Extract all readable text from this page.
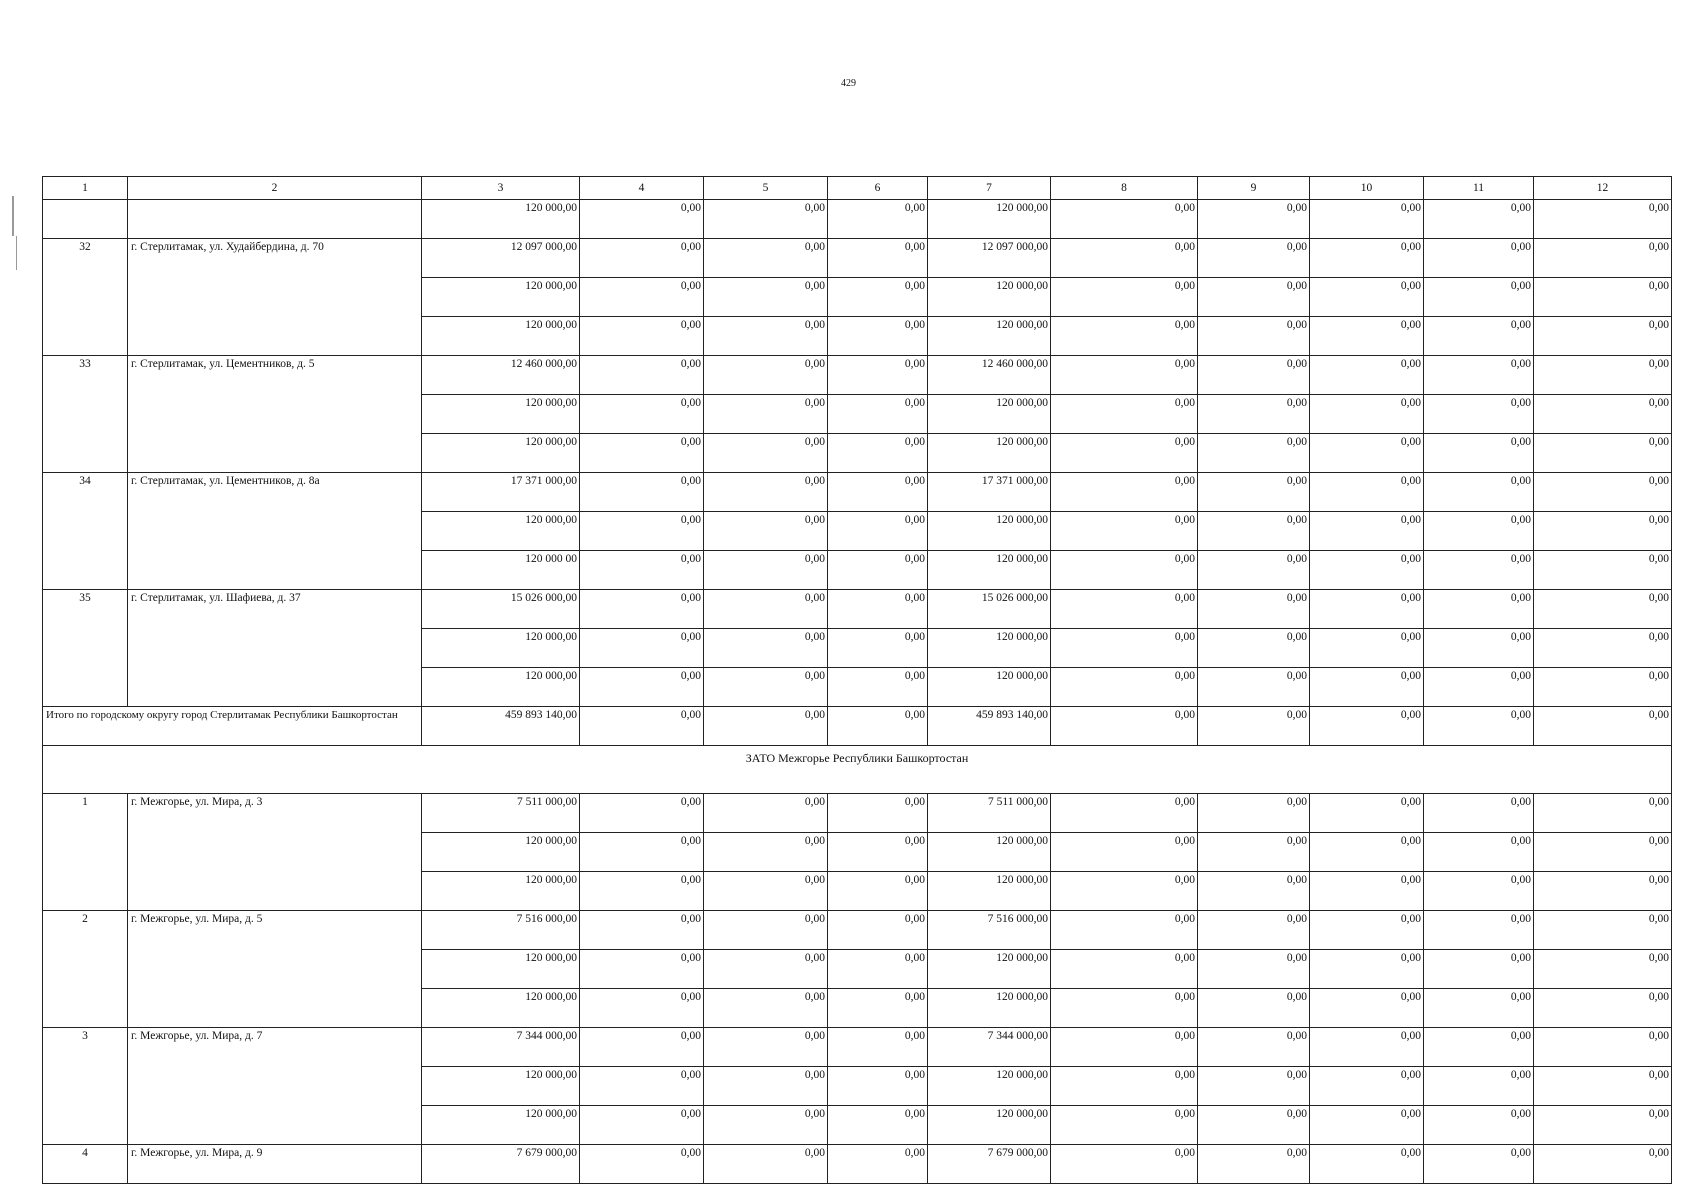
429
1	2	3	4	5	6	7	8	9	10	11	12
		120 000,00	0,00	0,00	0,00	120 000,00	0,00	0,00	0,00	0,00	0,00
32	г. Стерлитамак, ул. Худайбердина, д. 70	12 097 000,00	0,00	0,00	0,00	12 097 000,00	0,00	0,00	0,00	0,00	0,00
		120 000,00	0,00	0,00	0,00	120 000,00	0,00	0,00	0,00	0,00	0,00
		120 000,00	0,00	0,00	0,00	120 000,00	0,00	0,00	0,00	0,00	0,00
33	г. Стерлитамак, ул. Цементников, д. 5	12 460 000,00	0,00	0,00	0,00	12 460 000,00	0,00	0,00	0,00	0,00	0,00
		120 000,00	0,00	0,00	0,00	120 000,00	0,00	0,00	0,00	0,00	0,00
		120 000,00	0,00	0,00	0,00	120 000,00	0,00	0,00	0,00	0,00	0,00
34	г. Стерлитамак, ул. Цементников, д. 8а	17 371 000,00	0,00	0,00	0,00	17 371 000,00	0,00	0,00	0,00	0,00	0,00
		120 000,00	0,00	0,00	0,00	120 000,00	0,00	0,00	0,00	0,00	0,00
		120 000 00	0,00	0,00	0,00	120 000,00	0,00	0,00	0,00	0,00	0,00
35	г. Стерлитамак, ул. Шафиева, д. 37	15 026 000,00	0,00	0,00	0,00	15 026 000,00	0,00	0,00	0,00	0,00	0,00
		120 000,00	0,00	0,00	0,00	120 000,00	0,00	0,00	0,00	0,00	0,00
		120 000,00	0,00	0,00	0,00	120 000,00	0,00	0,00	0,00	0,00	0,00
Итого по городскому округу город Стерлитамак Республики Башкортостан		459 893 140,00	0,00	0,00	0,00	459 893 140,00	0,00	0,00	0,00	0,00	0,00
ЗАТО Межгорье Республики Башкортостан											
1	г. Межгорье, ул. Мира, д. 3	7 511 000,00	0,00	0,00	0,00	7 511 000,00	0,00	0,00	0,00	0,00	0,00
		120 000,00	0,00	0,00	0,00	120 000,00	0,00	0,00	0,00	0,00	0,00
		120 000,00	0,00	0,00	0,00	120 000,00	0,00	0,00	0,00	0,00	0,00
2	г. Межгорье, ул. Мира, д. 5	7 516 000,00	0,00	0,00	0,00	7 516 000,00	0,00	0,00	0,00	0,00	0,00
		120 000,00	0,00	0,00	0,00	120 000,00	0,00	0,00	0,00	0,00	0,00
		120 000,00	0,00	0,00	0,00	120 000,00	0,00	0,00	0,00	0,00	0,00
3	г. Межгорье, ул. Мира, д. 7	7 344 000,00	0,00	0,00	0,00	7 344 000,00	0,00	0,00	0,00	0,00	0,00
		120 000,00	0,00	0,00	0,00	120 000,00	0,00	0,00	0,00	0,00	0,00
		120 000,00	0,00	0,00	0,00	120 000,00	0,00	0,00	0,00	0,00	0,00
4	г. Межгорье, ул. Мира, д. 9	7 679 000,00	0,00	0,00	0,00	7 679 000,00	0,00	0,00	0,00	0,00	0,00
